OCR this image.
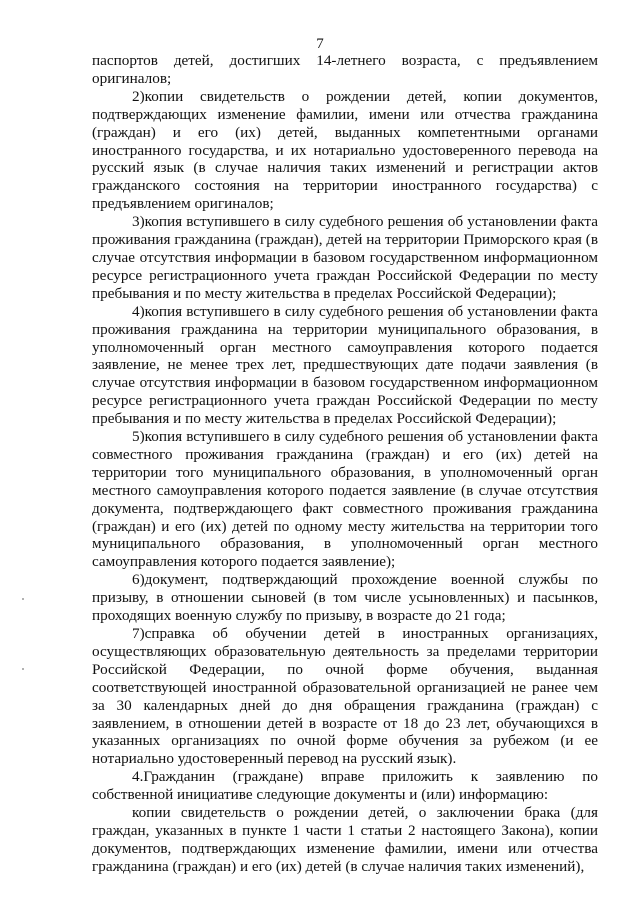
7

паспортов детей, достигших 14-летнего возраста, с предъявлением оригиналов;

2)копии свидетельств о рождении детей, копии документов, подтверждающих изменение фамилии, имени или отчества гражданина (граждан) и его (их) детей, выданных компетентными органами иностранного государства, и их нотариально удостоверенного перевода на русский язык (в случае наличия таких изменений и регистрации актов гражданского состояния на территории иностранного государства) с предъявлением оригиналов;

3)копия вступившего в силу судебного решения об установлении факта проживания гражданина (граждан), детей на территории Приморского края (в случае отсутствия информации в базовом государственном информационном ресурсе регистрационного учета граждан Российской Федерации по месту пребывания и по месту жительства в пределах Российской Федерации);

4)копия вступившего в силу судебного решения об установлении факта проживания гражданина на территории муниципального образования, в уполномоченный орган местного самоуправления которого подается заявление, не менее трех лет, предшествующих дате подачи заявления (в случае отсутствия информации в базовом государственном информационном ресурсе регистрационного учета граждан Российской Федерации по месту пребывания и по месту жительства в пределах Российской Федерации);

5)копия вступившего в силу судебного решения об установлении факта совместного проживания гражданина (граждан) и его (их) детей на территории того муниципального образования, в уполномоченный орган местного самоуправления которого подается заявление (в случае отсутствия документа, подтверждающего факт совместного проживания гражданина (граждан) и его (их) детей по одному месту жительства на территории того муниципального образования, в уполномоченный орган местного самоуправления которого подается заявление);

6)документ, подтверждающий прохождение военной службы по призыву, в отношении сыновей (в том числе усыновленных) и пасынков, проходящих военную службу по призыву, в возрасте до 21 года;

7)справка об обучении детей в иностранных организациях, осуществляющих образовательную деятельность за пределами территории Российской Федерации, по очной форме обучения, выданная соответствующей иностранной образовательной организацией не ранее чем за 30 календарных дней до дня обращения гражданина (граждан) с заявлением, в отношении детей в возрасте от 18 до 23 лет, обучающихся в указанных организациях по очной форме обучения за рубежом (и ее нотариально удостоверенный перевод на русский язык).

4.Гражданин (граждане) вправе приложить к заявлению по собственной инициативе следующие документы и (или) информацию:

копии свидетельств о рождении детей, о заключении брака (для граждан, указанных в пункте 1 части 1 статьи 2 настоящего Закона), копии документов, подтверждающих изменение фамилии, имени или отчества гражданина (граждан) и его (их) детей (в случае наличия таких изменений),
